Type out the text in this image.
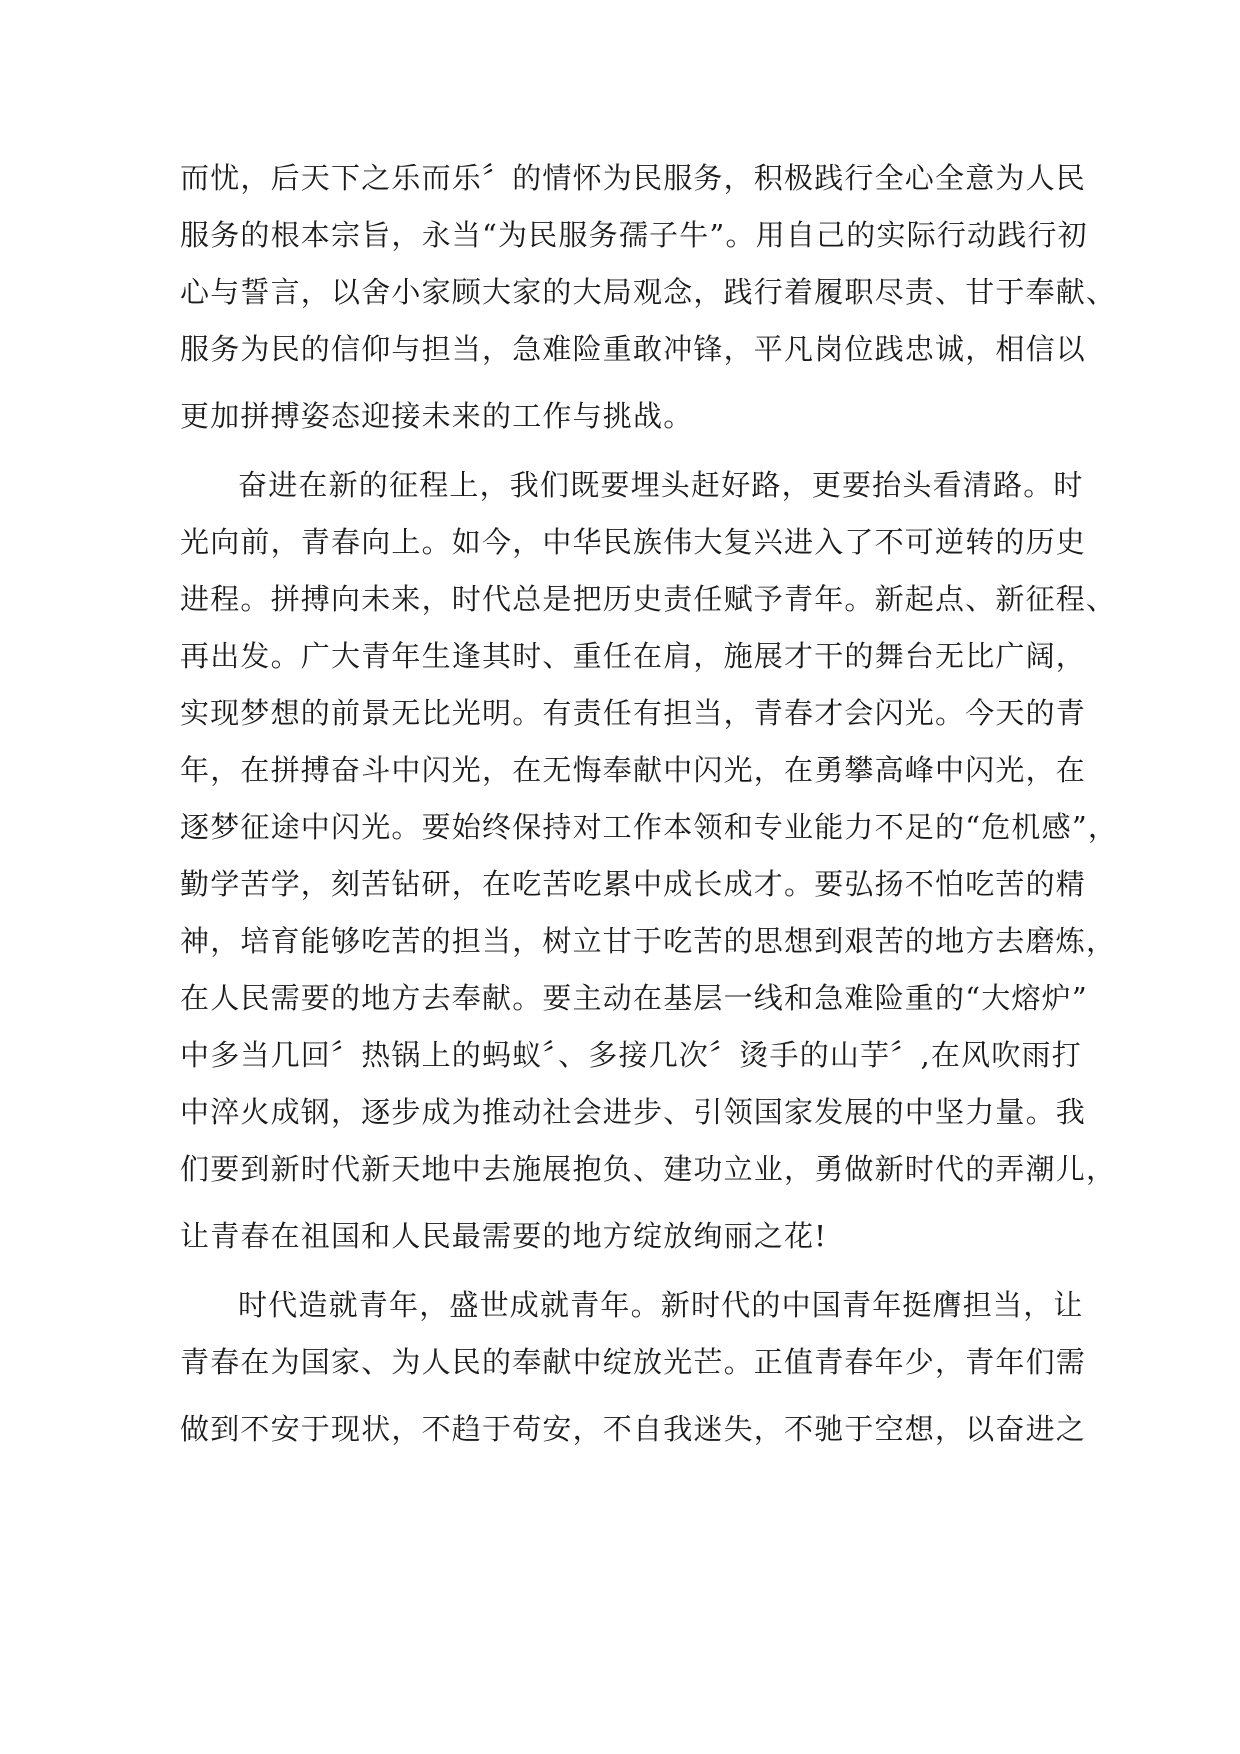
而忧，后天下之乐而乐〞的情怀为民服务，积极践行全心全意为人民
服务的根本宗旨，永当“为民服务孺子牛”。用自己的实际行动践行初
心与誓言，以舍小家顾大家的大局观念，践行着履职尽责、甘于奉献、
服务为民的信仰与担当，急难险重敢冲锋，平凡岗位践忠诚，相信以
更加拼搏姿态迎接未来的工作与挑战。

奋进在新的征程上，我们既要埋头赶好路，更要抬头看清路。时
光向前，青春向上。如今，中华民族伟大复兴进入了不可逆转的历史
进程。拼搏向未来，时代总是把历史责任赋予青年。新起点、新征程、
再出发。广大青年生逢其时、重任在肩，施展才干的舞台无比广阔，
实现梦想的前景无比光明。有责任有担当，青春才会闪光。今天的青
年，在拼搏奋斗中闪光，在无悔奉献中闪光，在勇攀高峰中闪光，在
逐梦征途中闪光。要始终保持对工作本领和专业能力不足的“危机感”，
勤学苦学，刻苦钻研，在吃苦吃累中成长成才。要弘扬不怕吃苦的精
神，培育能够吃苦的担当，树立甘于吃苦的思想到艰苦的地方去磨炼，
在人民需要的地方去奉献。要主动在基层一线和急难险重的“大熔炉”
中多当几回〞热锅上的蚂蚁〞、多接几次〞烫手的山芋〞,在风吹雨打
中淬火成钢，逐步成为推动社会进步、引领国家发展的中坚力量。我
们要到新时代新天地中去施展抱负、建功立业，勇做新时代的弄潮儿，
让青春在祖国和人民最需要的地方绽放绚丽之花!

时代造就青年，盛世成就青年。新时代的中国青年挺膺担当，让
青春在为国家、为人民的奉献中绽放光芒。正值青春年少，青年们需
做到不安于现状，不趋于苟安，不自我迷失，不驰于空想，以奋进之
